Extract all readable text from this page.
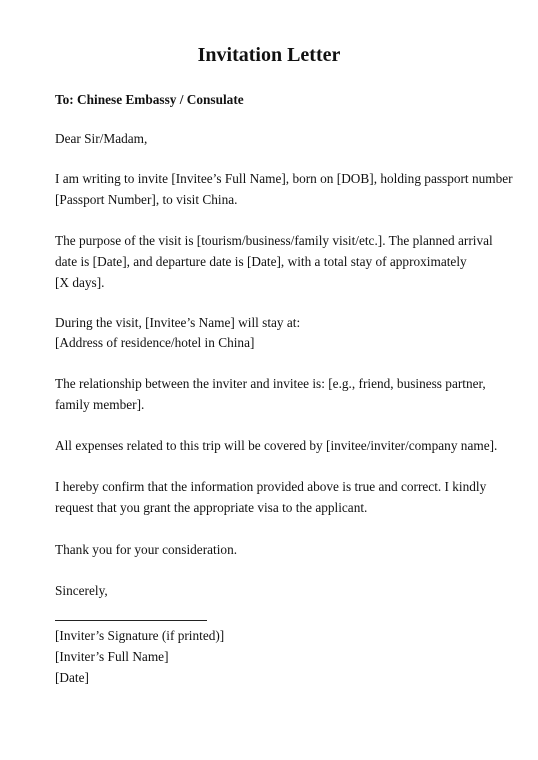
Invitation Letter
To: Chinese Embassy / Consulate
Dear Sir/Madam,
I am writing to invite [Invitee’s Full Name], born on [DOB], holding passport number
[Passport Number], to visit China.
The purpose of the visit is [tourism/business/family visit/etc.]. The planned arrival
date is [Date], and departure date is [Date], with a total stay of approximately
[X days].
During the visit, [Invitee’s Name] will stay at:
[Address of residence/hotel in China]
The relationship between the inviter and invitee is: [e.g., friend, business partner,
family member].
All expenses related to this trip will be covered by [invitee/inviter/company name].
I hereby confirm that the information provided above is true and correct. I kindly
request that you grant the appropriate visa to the applicant.
Thank you for your consideration.
Sincerely,
[Inviter’s Signature (if printed)]
[Inviter’s Full Name]
[Date]
